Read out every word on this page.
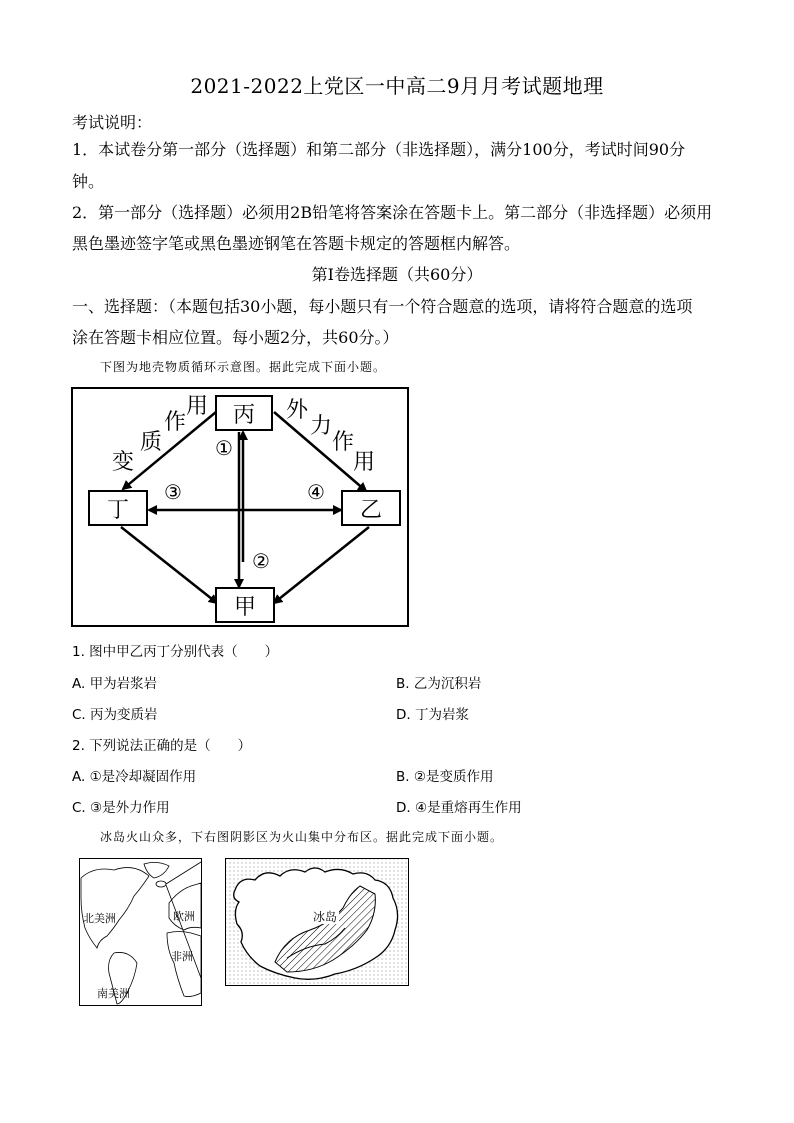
2021-2022上党区一中高二9月月考试题地理
考试说明：
1．本试卷分第一部分（选择题）和第二部分（非选择题），满分100分，考试时间90分
钟。
2．第一部分（选择题）必须用2B铅笔将答案涂在答题卡上。第二部分（非选择题）必须用
黑色墨迹签字笔或黑色墨迹钢笔在答题卡规定的答题框内解答。
第Ⅰ卷选择题（共60分）
一、选择题：（本题包括30小题，每小题只有一个符合题意的选项，请将符合题意的选项
涂在答题卡相应位置。每小题2分，共60分。）
下图为地壳物质循环示意图。据此完成下面小题。
丙
丁	乙
甲
①
②
③	④
变
质
作
用	外
力
作
用
1. 图中甲乙丙丁分别代表（　　）
A. 甲为岩浆岩	B. 乙为沉积岩
C. 丙为变质岩	D. 丁为岩浆
2. 下列说法正确的是（　　）
A. ①是冷却凝固作用	B. ②是变质作用
C. ③是外力作用	D. ④是重熔再生作用
冰岛火山众多，下右图阴影区为火山集中分布区。据此完成下面小题。
北美洲	欧洲
非洲
南美洲
冰岛
